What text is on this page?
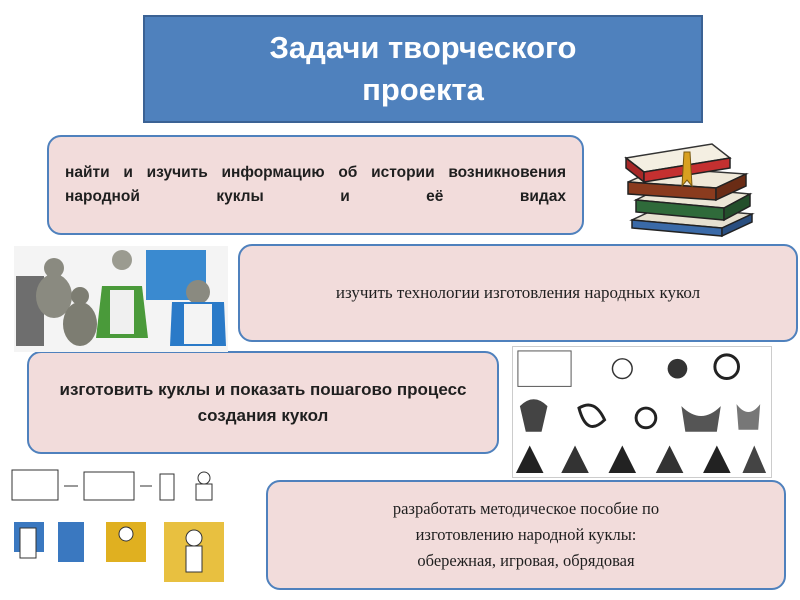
Задачи творческого проекта
найти и изучить информацию об истории возникновения народной куклы и её видах
изучить технологии изготовления народных кукол
изготовить куклы и показать пошагово процесс создания кукол
разработать методическое пособие по
изготовлению народной куклы:
обережная, игровая, обрядовая
